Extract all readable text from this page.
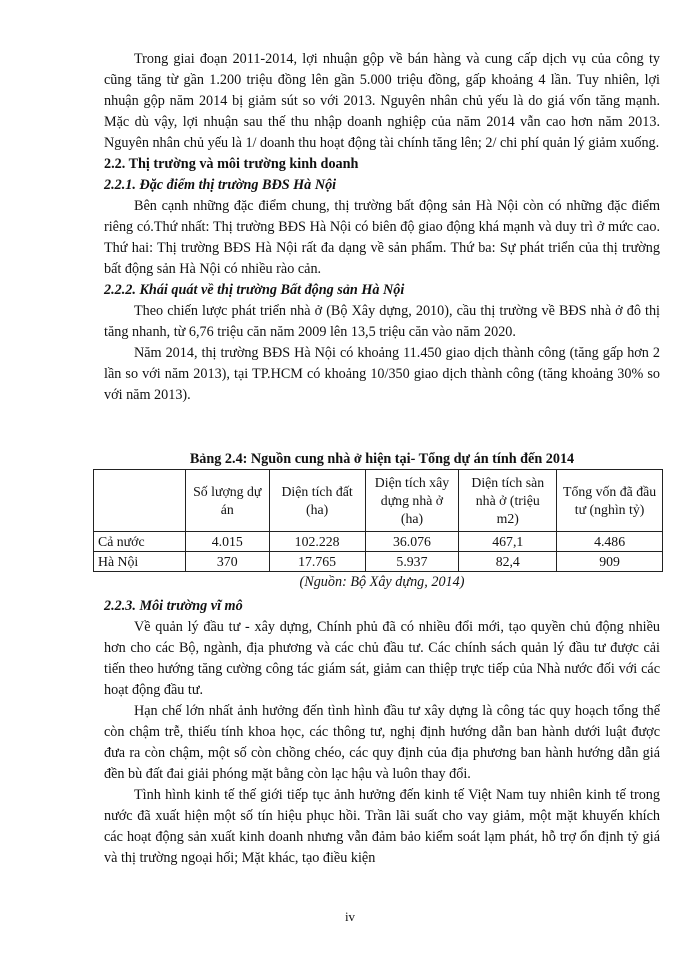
Trong giai đoạn 2011-2014, lợi nhuận gộp về bán hàng và cung cấp dịch vụ của công ty cũng tăng từ gần 1.200 triệu đồng lên gần 5.000 triệu đồng, gấp khoảng 4 lần. Tuy nhiên, lợi nhuận gộp năm 2014 bị giảm sút so với 2013. Nguyên nhân chủ yếu là do giá vốn tăng mạnh. Mặc dù vậy, lợi nhuận sau thế thu nhập doanh nghiệp của năm 2014 vẫn cao hơn năm 2013. Nguyên nhân chủ yếu là 1/ doanh thu hoạt động tài chính tăng lên; 2/ chi phí quản lý giảm xuống.

2.2. Thị trường và môi trường kinh doanh

2.2.1. Đặc điểm thị trường BĐS Hà Nội

Bên cạnh những đặc điểm chung, thị trường bất động sản Hà Nội còn có những đặc điểm riêng có.Thứ nhất: Thị trường BĐS Hà Nội có biên độ giao động khá mạnh và duy trì ở mức cao. Thứ hai: Thị trường BĐS Hà Nội rất đa dạng về sản phẩm. Thứ ba: Sự phát triển của thị trường bất động sản Hà Nội có nhiều rào cản.

2.2.2. Khái quát về thị trường Bất động sản Hà Nội

Theo chiến lược phát triển nhà ở (Bộ Xây dựng, 2010), cầu thị trường về BĐS nhà ở đô thị tăng nhanh, từ 6,76 triệu căn năm 2009 lên 13,5 triệu căn vào năm 2020.

Năm 2014, thị trường BĐS Hà Nội có khoảng 11.450 giao dịch thành công (tăng gấp hơn 2 lần so với năm 2013), tại TP.HCM có khoảng 10/350 giao dịch thành công (tăng khoảng 30% so với năm 2013).

Bảng 2.4: Nguồn cung nhà ở hiện tại- Tổng dự án tính đến 2014
	Số lượng dự án	Diện tích đất (ha)	Diện tích xây dựng nhà ở (ha)	Diện tích sàn nhà ở (triệu m2)	Tổng vốn đã đầu tư (nghìn tỷ)
Cả nước	4.015	102.228	36.076	467,1	4.486
Hà Nội	370	17.765	5.937	82,4	909
(Nguồn: Bộ Xây dựng, 2014)

2.2.3. Môi trường vĩ mô

Về quản lý đầu tư - xây dựng, Chính phủ đã có nhiều đổi mới, tạo quyền chủ động nhiều hơn cho các Bộ, ngành, địa phương và các chủ đầu tư. Các chính sách quản lý đầu tư được cải tiến theo hướng tăng cường công tác giám sát, giảm can thiệp trực tiếp của Nhà nước đối với các hoạt động đầu tư.

Hạn chế lớn nhất ảnh hưởng đến tình hình đầu tư xây dựng là công tác quy hoạch tổng thể còn chậm trễ, thiếu tính khoa học, các thông tư, nghị định hướng dẫn ban hành dưới luật được đưa ra còn chậm, một số còn chồng chéo, các quy định của địa phương ban hành hướng dẫn giá đền bù đất đai giải phóng mặt bằng còn lạc hậu và luôn thay đổi.

Tình hình kinh tế thế giới tiếp tục ảnh hưởng đến kinh tế Việt Nam tuy nhiên kinh tế trong nước đã xuất hiện một số tín hiệu phục hồi. Trần lãi suất cho vay giảm, một mặt khuyến khích các hoạt động sản xuất kinh doanh nhưng vẫn đảm bảo kiểm soát lạm phát, hỗ trợ ổn định tỷ giá và thị trường ngoại hối; Mặt khác, tạo điều kiện

iv
